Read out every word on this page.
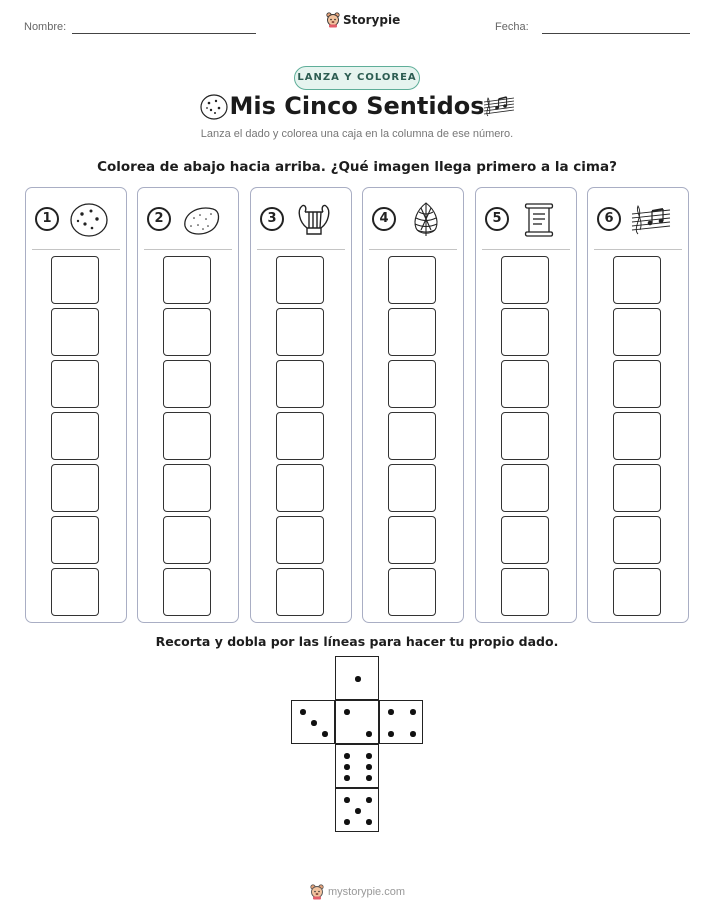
Nombre:	Storypie	Fecha:
LANZA Y COLOREA
Mis Cinco Sentidos
Lanza el dado y colorea una caja en la columna de ese número.
Colorea de abajo hacia arriba. ¿Qué imagen llega primero a la cima?
1	2	3	4	5	6
Recorta y dobla por las líneas para hacer tu propio dado.
mystorypie.com
